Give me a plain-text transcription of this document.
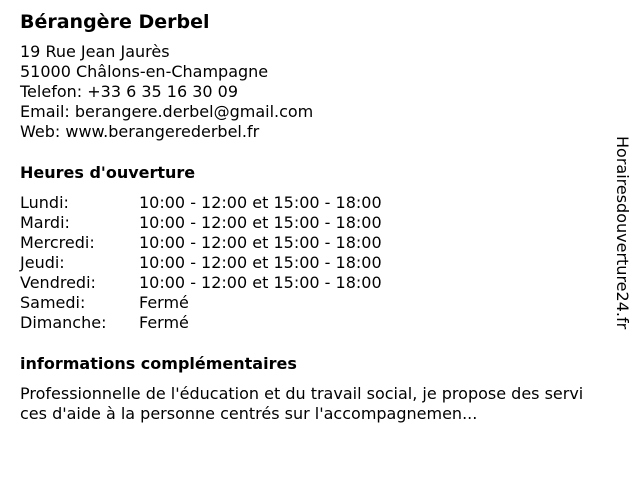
Bérangère Derbel
19 Rue Jean Jaurès
51000 Châlons-en-Champagne
Telefon: +33 6 35 16 30 09
Email: berangere.derbel@gmail.com
Web: www.berangerederbel.fr
Heures d'ouverture
Lundi:	10:00 - 12:00 et 15:00 - 18:00
Mardi:	10:00 - 12:00 et 15:00 - 18:00
Mercredi:	10:00 - 12:00 et 15:00 - 18:00
Jeudi:	10:00 - 12:00 et 15:00 - 18:00
Vendredi:	10:00 - 12:00 et 15:00 - 18:00
Samedi:	Fermé
Dimanche:	Fermé
informations complémentaires
Professionnelle de l'éducation et du travail social, je propose des services d'aide à la personne centrés sur l'accompagnemen...
Horairesdouverture24.fr
